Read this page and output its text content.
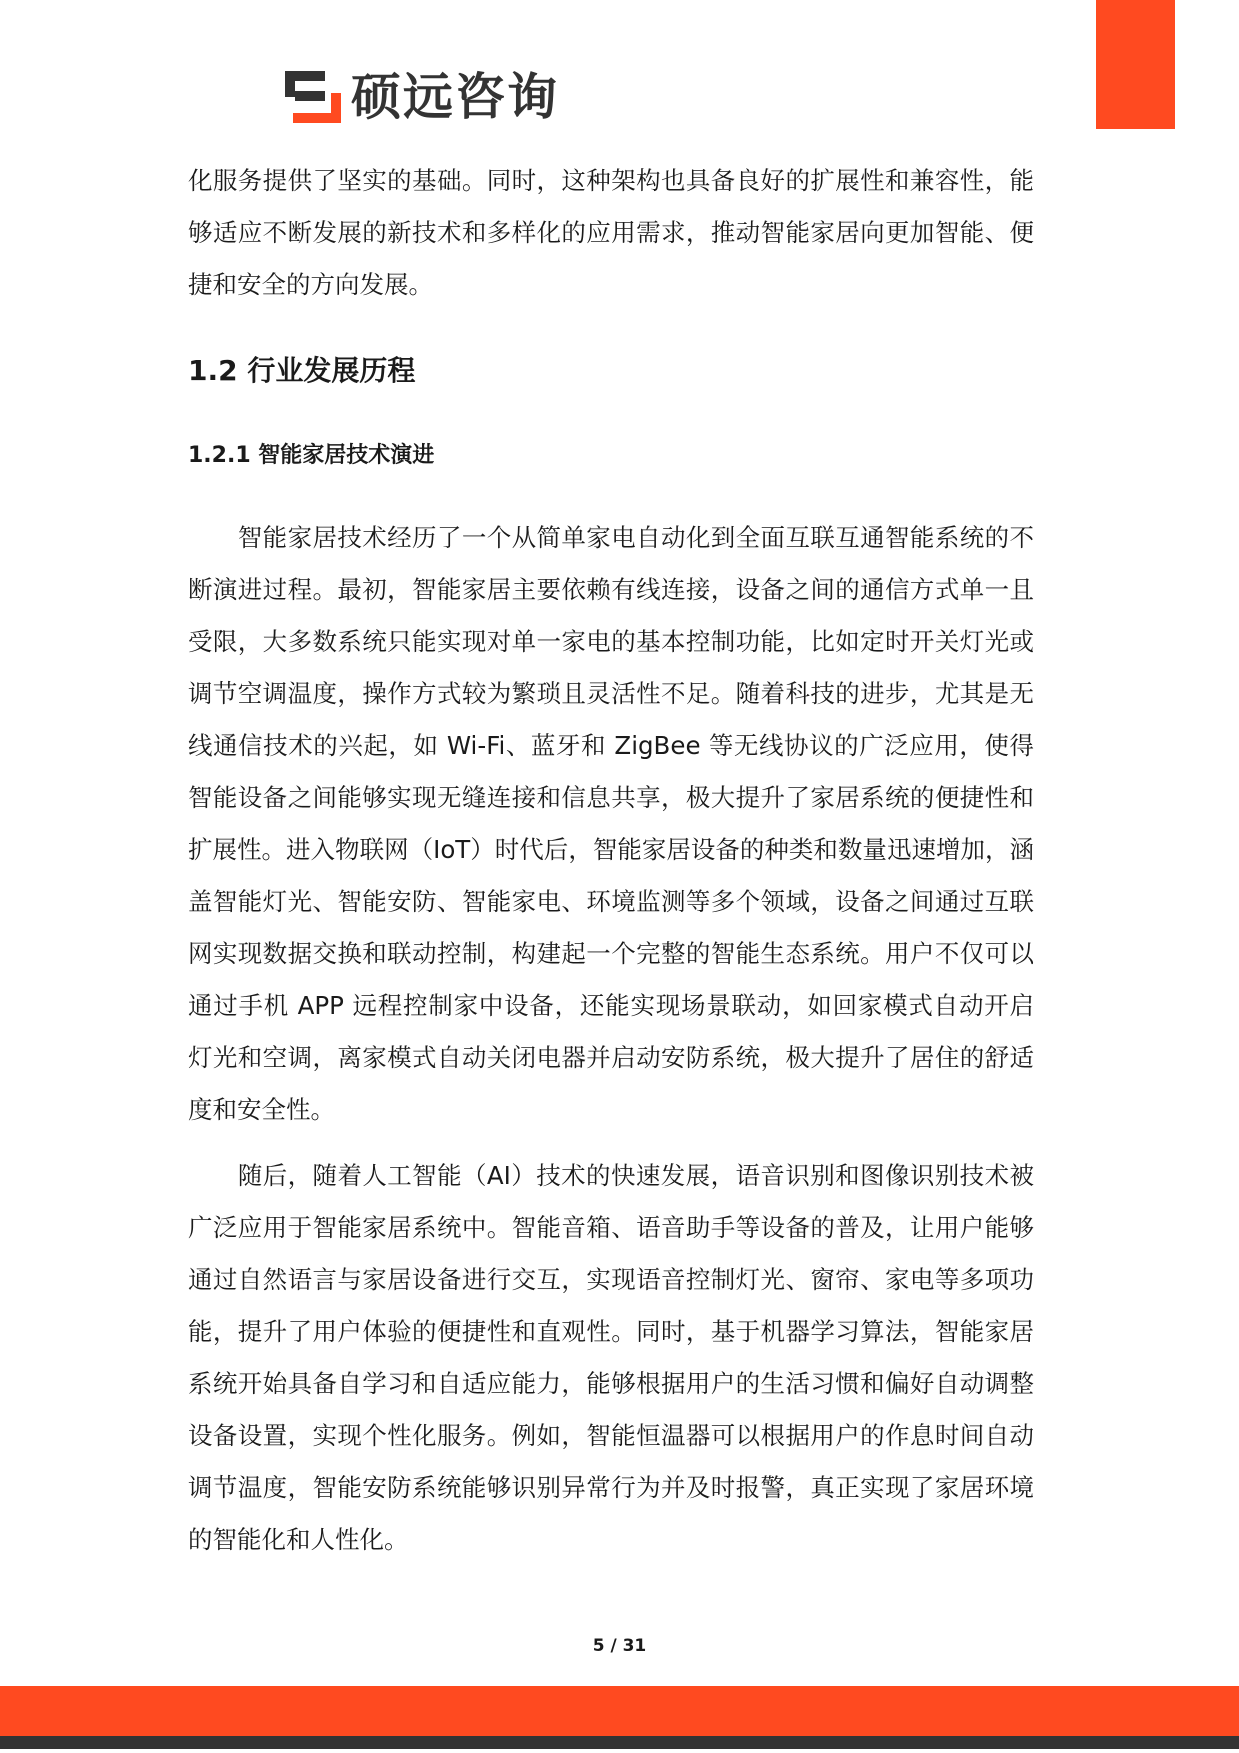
硕远咨询
化服务提供了坚实的基础。同时，这种架构也具备良好的扩展性和兼容性，能
够适应不断发展的新技术和多样化的应用需求，推动智能家居向更加智能、便
捷和安全的方向发展。
1.2 行业发展历程
1.2.1 智能家居技术演进
　　智能家居技术经历了一个从简单家电自动化到全面互联互通智能系统的不
断演进过程。最初，智能家居主要依赖有线连接，设备之间的通信方式单一且
受限，大多数系统只能实现对单一家电的基本控制功能，比如定时开关灯光或
调节空调温度，操作方式较为繁琐且灵活性不足。随着科技的进步，尤其是无
线通信技术的兴起，如 Wi-Fi、蓝牙和 ZigBee 等无线协议的广泛应用，使得
智能设备之间能够实现无缝连接和信息共享，极大提升了家居系统的便捷性和
扩展性。进入物联网（IoT）时代后，智能家居设备的种类和数量迅速增加，涵
盖智能灯光、智能安防、智能家电、环境监测等多个领域，设备之间通过互联
网实现数据交换和联动控制，构建起一个完整的智能生态系统。用户不仅可以
通过手机 APP 远程控制家中设备，还能实现场景联动，如回家模式自动开启
灯光和空调，离家模式自动关闭电器并启动安防系统，极大提升了居住的舒适
度和安全性。
　　随后，随着人工智能（AI）技术的快速发展，语音识别和图像识别技术被
广泛应用于智能家居系统中。智能音箱、语音助手等设备的普及，让用户能够
通过自然语言与家居设备进行交互，实现语音控制灯光、窗帘、家电等多项功
能，提升了用户体验的便捷性和直观性。同时，基于机器学习算法，智能家居
系统开始具备自学习和自适应能力，能够根据用户的生活习惯和偏好自动调整
设备设置，实现个性化服务。例如，智能恒温器可以根据用户的作息时间自动
调节温度，智能安防系统能够识别异常行为并及时报警，真正实现了家居环境
的智能化和人性化。
5 / 31
